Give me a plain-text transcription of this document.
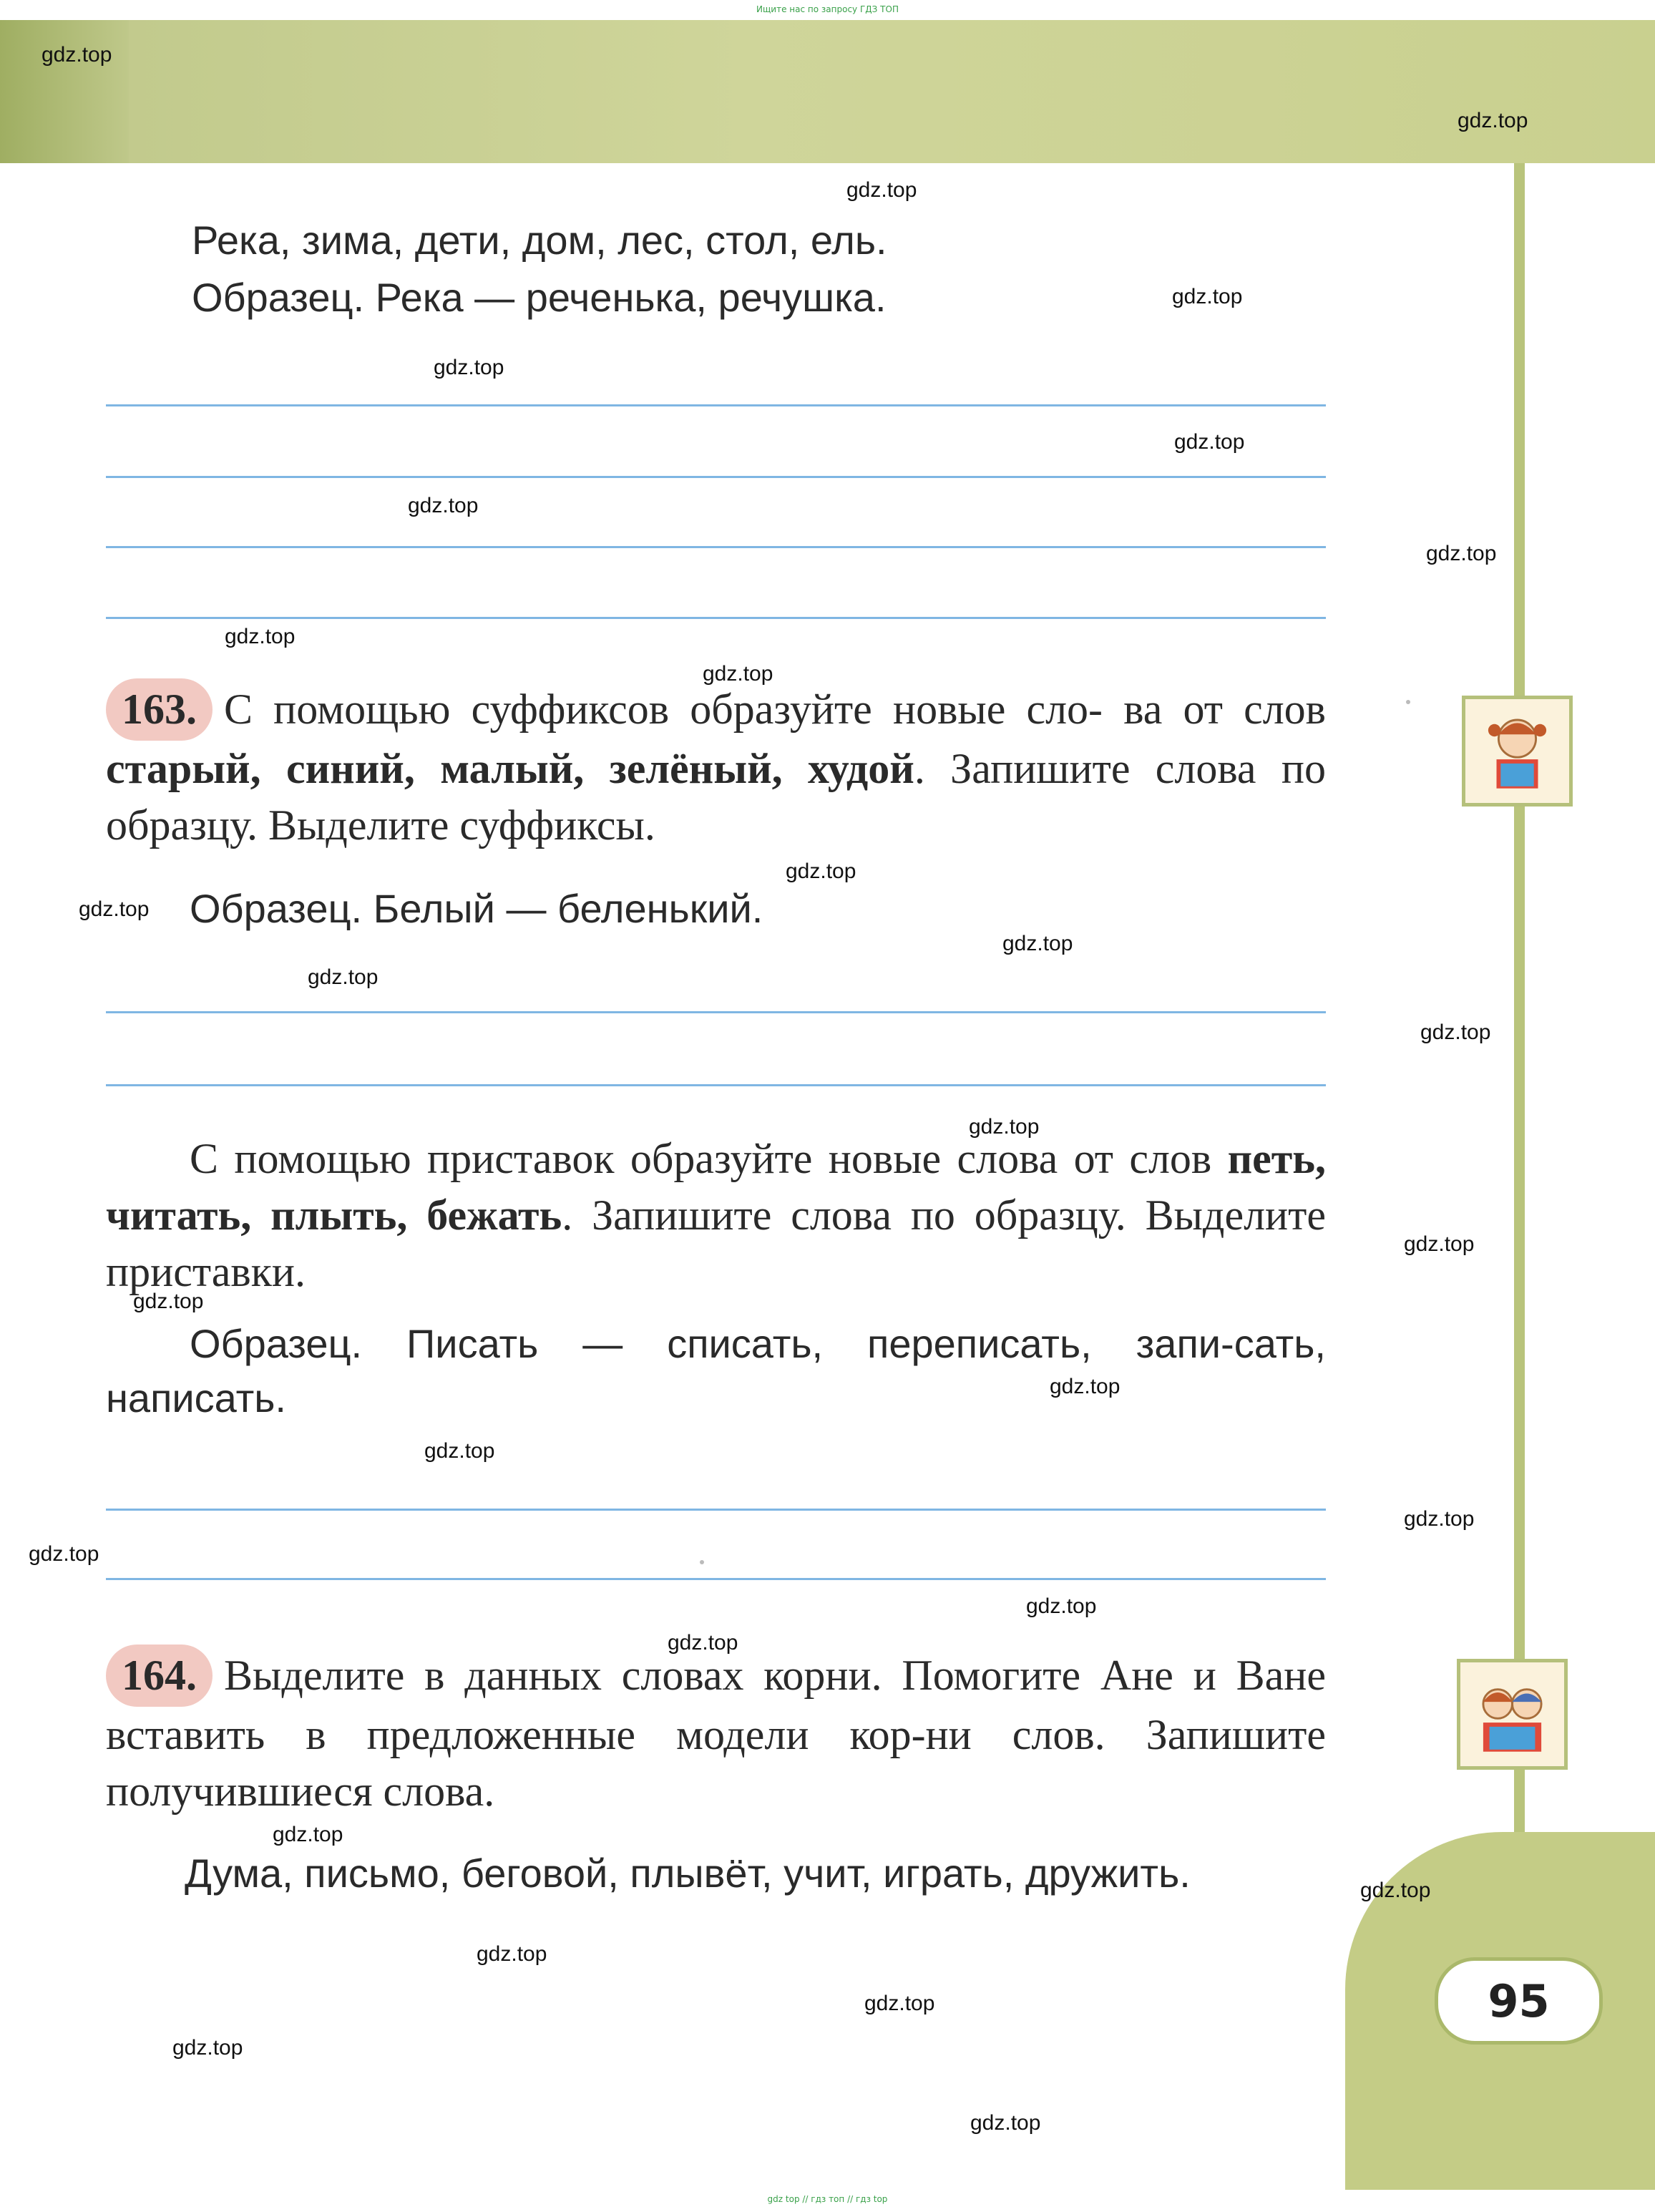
Ищите нас по запросу ГДЗ ТОП
95
Река, зима, дети, дом, лес, стол, ель.
Образец. Река — реченька, речушка.
163. С помощью суффиксов образуйте новые сло- ва от слов старый, синий, малый, зелёный, худой. Запишите слова по образцу. Выделите суффиксы.
Образец. Белый — беленький.
С помощью приставок образуйте новые слова от слов петь, читать, плыть, бежать. Запишите слова по образцу. Выделите приставки.
Образец. Писать — списать, переписать, запи-сать, написать.
164. Выделите в данных словах корни. Помогите Ане и Ване вставить в предложенные модели кор-ни слов. Запишите получившиеся слова.
Дума, письмо, беговой, плывёт, учит, играть, дружить.
gdz.top
gdz.top
gdz.top
gdz.top
gdz.top
gdz.top
gdz.top
gdz.top
gdz.top
gdz.top
gdz.top
gdz.top
gdz.top
gdz.top
gdz.top
gdz.top
gdz.top
gdz.top
gdz.top
gdz.top
gdz.top
gdz.top
gdz.top
gdz.top
gdz.top
gdz.top
gdz.top
gdz.top
gdz.top
gdz.top
gdz top // гдз топ // гдз top
